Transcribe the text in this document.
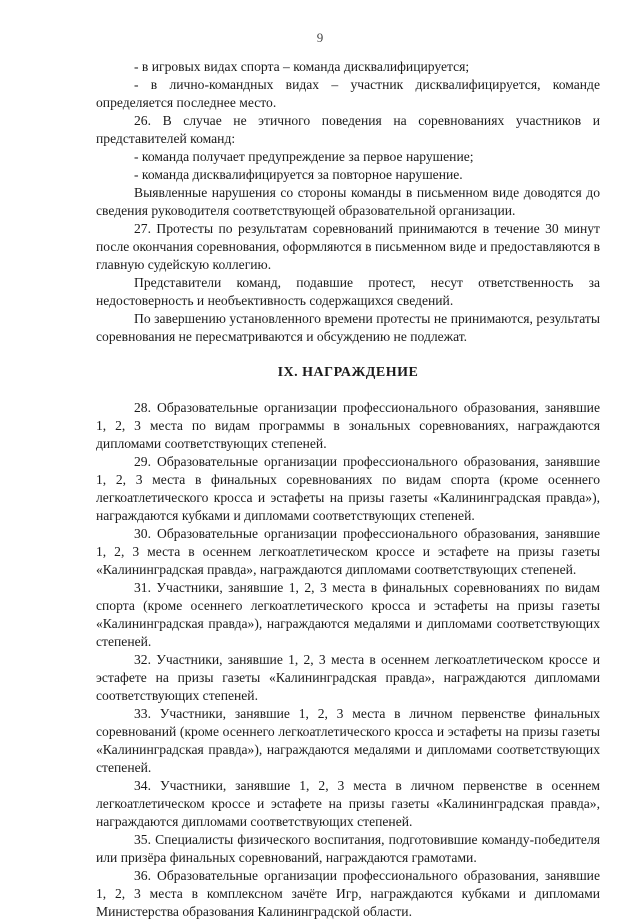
9

- в игровых видах спорта – команда дисквалифицируется;

- в лично-командных видах – участник дисквалифицируется, команде определяется последнее место.

26. В случае не этичного поведения на соревнованиях участников и представителей команд:

- команда получает предупреждение за первое нарушение;

- команда дисквалифицируется за повторное нарушение.

Выявленные нарушения со стороны команды в письменном виде доводятся до сведения руководителя соответствующей образовательной организации.

27. Протесты по результатам соревнований принимаются в течение 30 минут после окончания соревнования, оформляются в письменном виде и предоставляются в главную судейскую коллегию.

Представители команд, подавшие протест, несут ответственность за недостоверность и необъективность содержащихся сведений.

По завершению установленного времени протесты не принимаются, результаты соревнования не пересматриваются и обсуждению не подлежат.

IX. НАГРАЖДЕНИЕ

28. Образовательные организации профессионального образования, занявшие 1, 2, 3 места по видам программы в зональных соревнованиях, награждаются дипломами соответствующих степеней.

29. Образовательные организации профессионального образования, занявшие 1, 2, 3 места в финальных соревнованиях по видам спорта (кроме осеннего легкоатлетического кросса и эстафеты на призы газеты «Калининградская правда»), награждаются кубками и дипломами соответствующих степеней.

30. Образовательные организации профессионального образования, занявшие 1, 2, 3 места в осеннем легкоатлетическом кроссе и эстафете на призы газеты «Калининградская правда», награждаются дипломами соответствующих степеней.

31. Участники, занявшие 1, 2, 3 места в финальных соревнованиях по видам спорта (кроме осеннего легкоатлетического кросса и эстафеты на призы газеты «Калининградская правда»), награждаются медалями и дипломами соответствующих степеней.

32. Участники, занявшие 1, 2, 3 места в осеннем легкоатлетическом кроссе и эстафете на призы газеты «Калининградская правда», награждаются дипломами соответствующих степеней.

33. Участники, занявшие 1, 2, 3 места в личном первенстве финальных соревнований (кроме осеннего легкоатлетического кросса и эстафеты на призы газеты «Калининградская правда»), награждаются медалями и дипломами соответствующих степеней.

34. Участники, занявшие 1, 2, 3 места в личном первенстве в осеннем легкоатлетическом кроссе и эстафете на призы газеты «Калининградская правда», награждаются дипломами соответствующих степеней.

35. Специалисты физического воспитания, подготовившие команду-победителя или призёра финальных соревнований, награждаются грамотами.

36. Образовательные организации профессионального образования, занявшие 1, 2, 3 места в комплексном зачёте Игр, награждаются кубками и дипломами Министерства образования Калининградской области.
